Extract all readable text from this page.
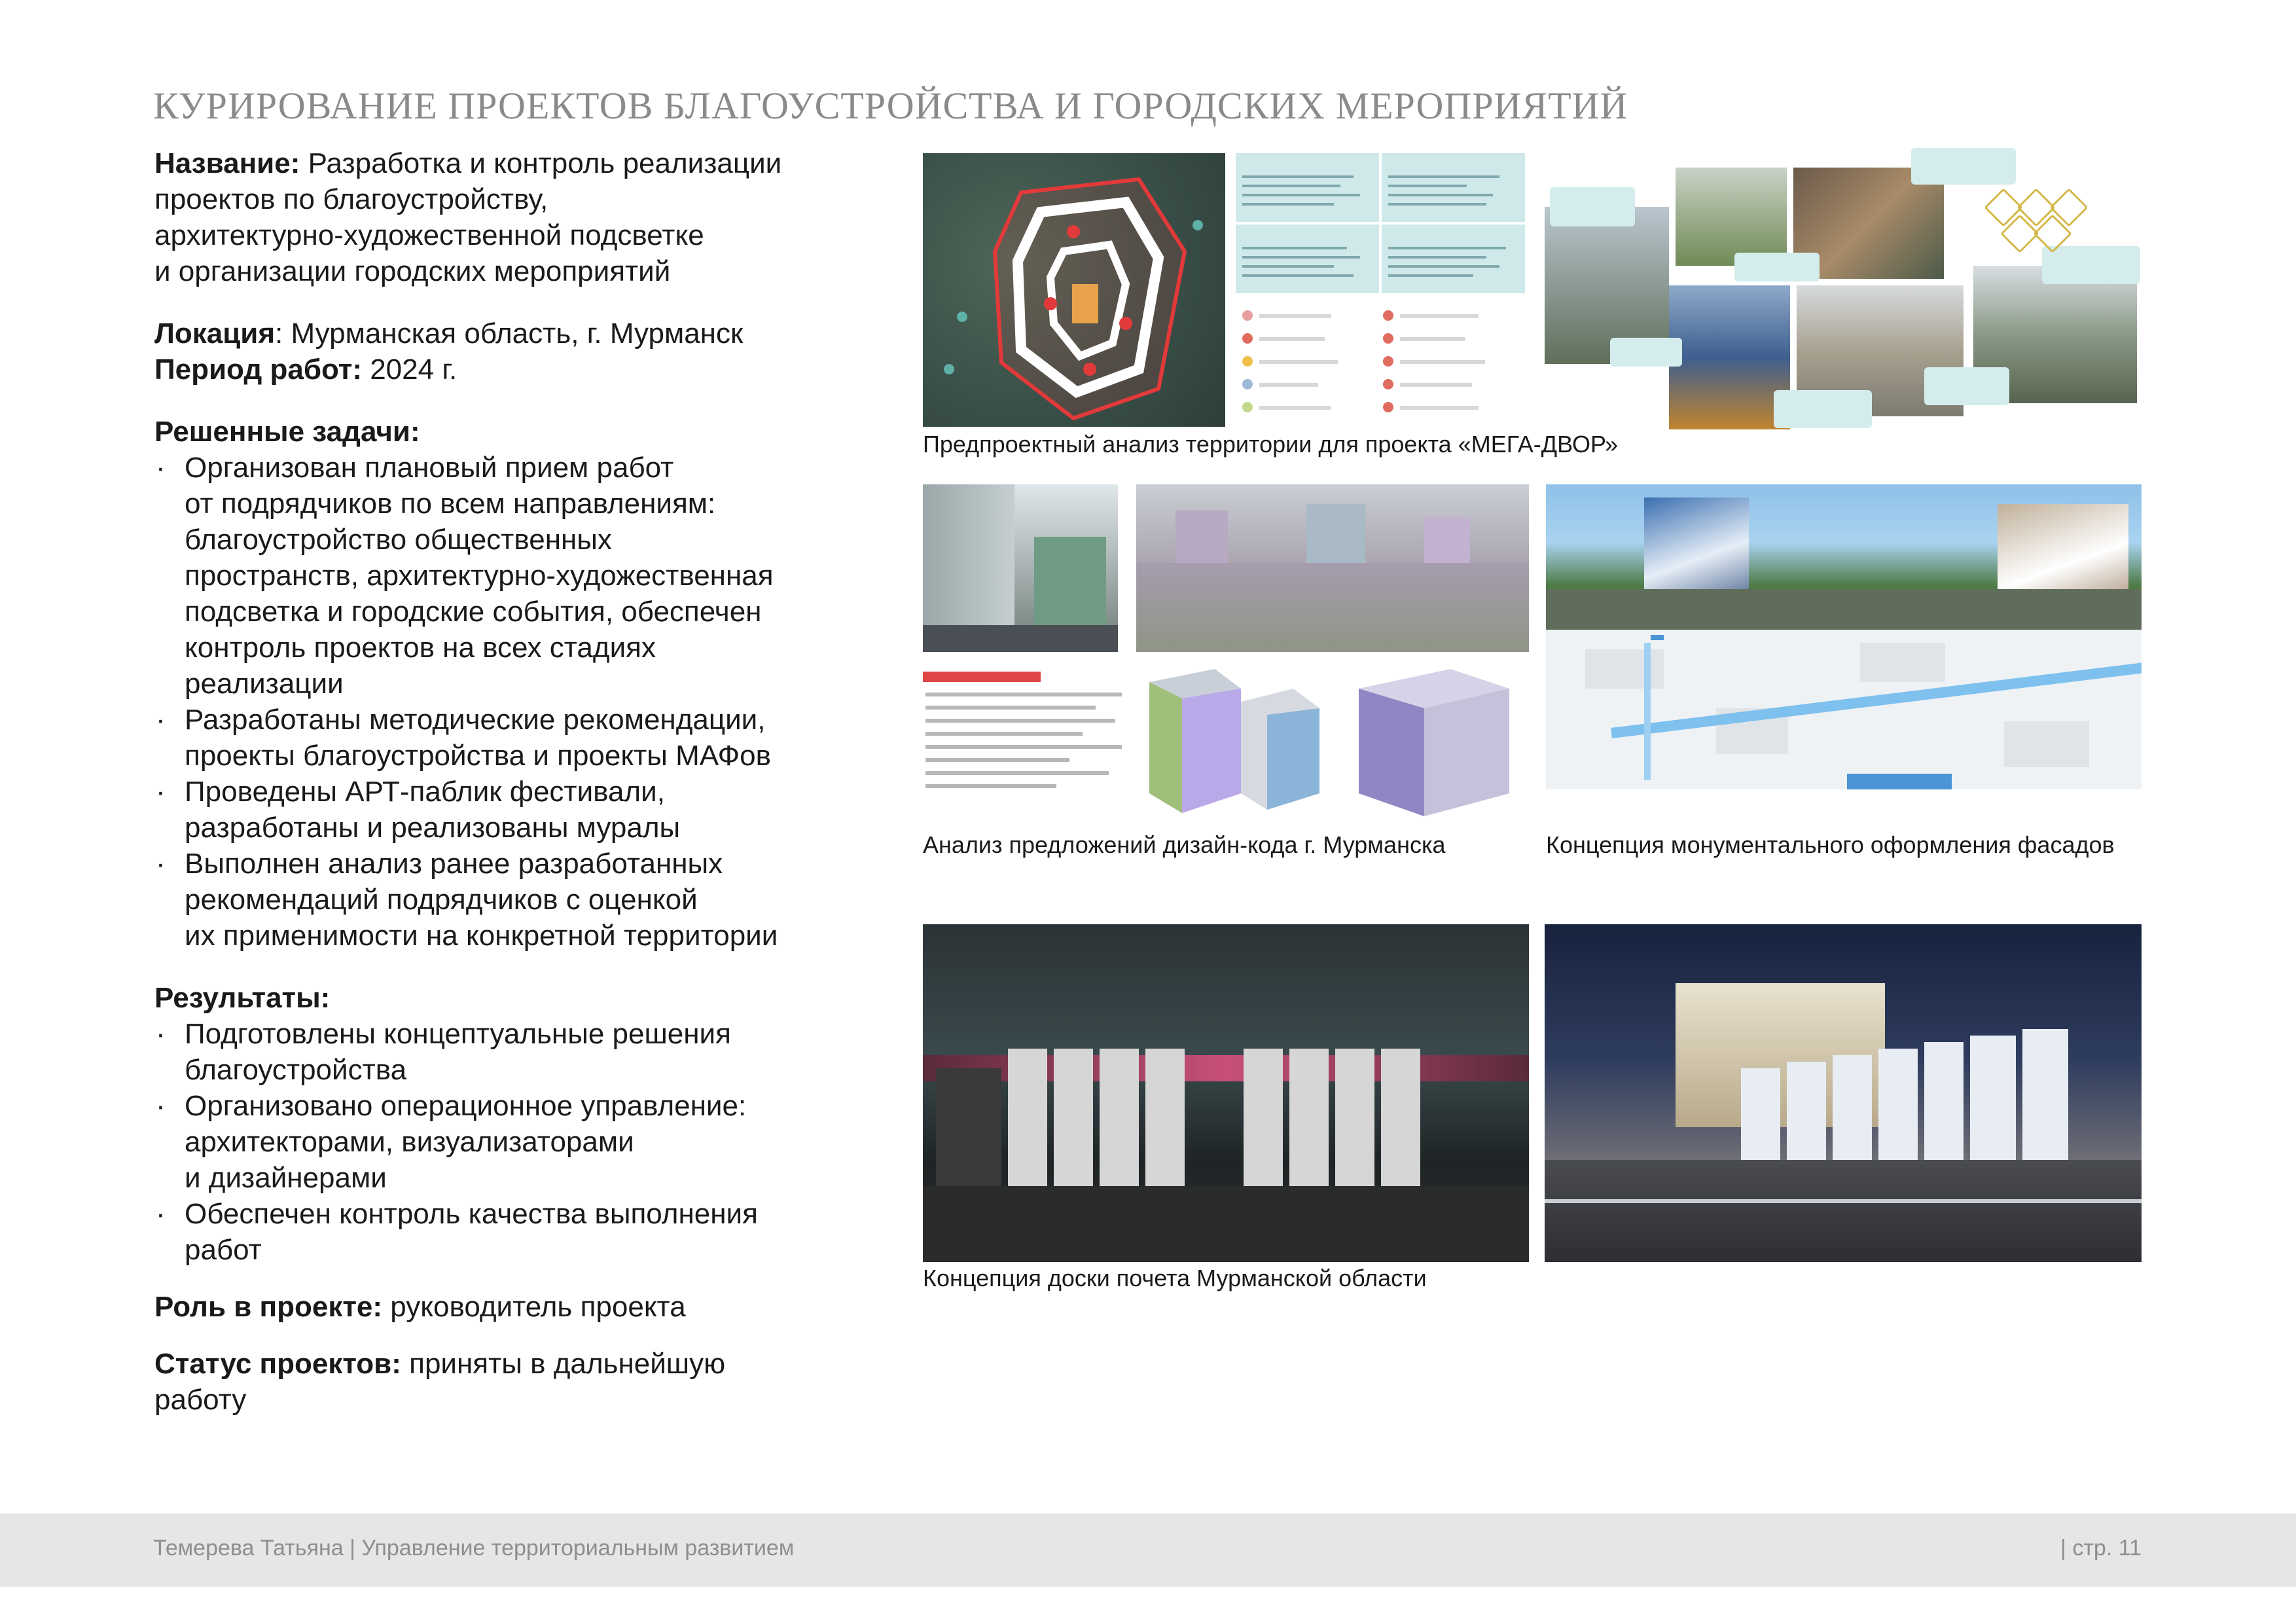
КУРИРОВАНИЕ ПРОЕКТОВ БЛАГОУСТРОЙСТВА И ГОРОДСКИХ МЕРОПРИЯТИЙ
Название: Разработка и контроль реализации
проектов по благоустройству,
архитектурно-художественной подсветке
и организации городских мероприятий
Локация: Мурманская область, г. Мурманск
Период работ: 2024 г.
Решенные задачи:
· Организован плановый прием работ
от подрядчиков по всем направлениям:
благоустройство общественных
пространств, архитектурно-художественная
подсветка и городские события, обеспечен
контроль проектов на всех стадиях
реализации
· Разработаны методические рекомендации,
проекты благоустройства и проекты МАФов
· Проведены АРТ-паблик фестивали,
разработаны и реализованы муралы
· Выполнен анализ ранее разработанных
рекомендаций подрядчиков с оценкой
их применимости на конкретной территории
Результаты:
· Подготовлены концептуальные решения
благоустройства
· Организовано операционное управление:
архитекторами, визуализаторами
и дизайнерами
· Обеспечен контроль качества выполнения
работ
Роль в проекте: руководитель проекта
Статус проектов: приняты в дальнейшую
работу
Предпроектный анализ территории для проекта «МЕГА-ДВОР»
Анализ предложений дизайн-кода г. Мурманска	Концепция монументального оформления фасадов
Концепция доски почета Мурманской области
Темерева Татьяна | Управление территориальным развитием	| стр. 11
